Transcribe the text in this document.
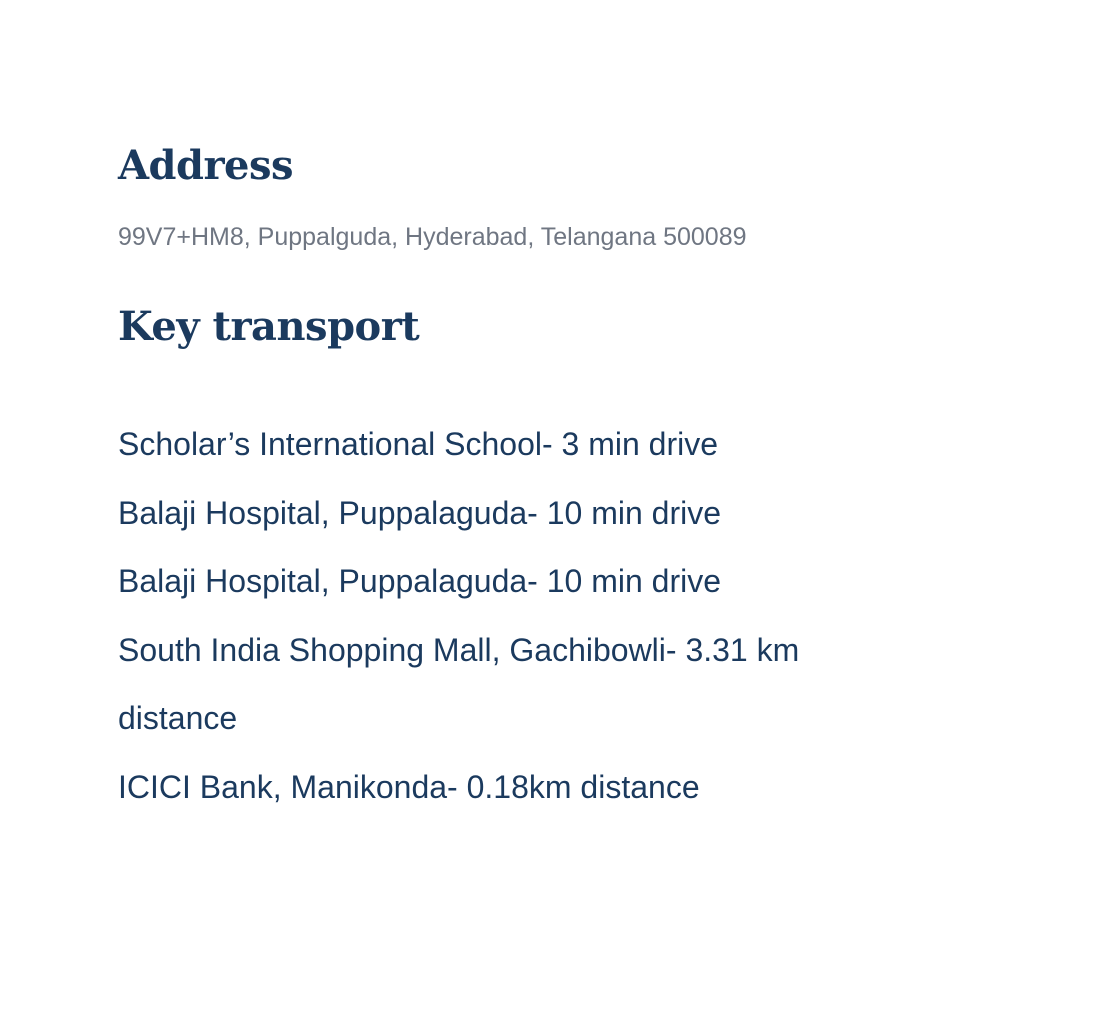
Address

99V7+HM8, Puppalguda, Hyderabad, Telangana 500089

Key transport
Scholar’s International School- 3 min drive
Balaji Hospital, Puppalaguda- 10 min drive
Balaji Hospital, Puppalaguda- 10 min drive
South India Shopping Mall, Gachibowli- 3.31 km distance
ICICI Bank, Manikonda- 0.18km distance
